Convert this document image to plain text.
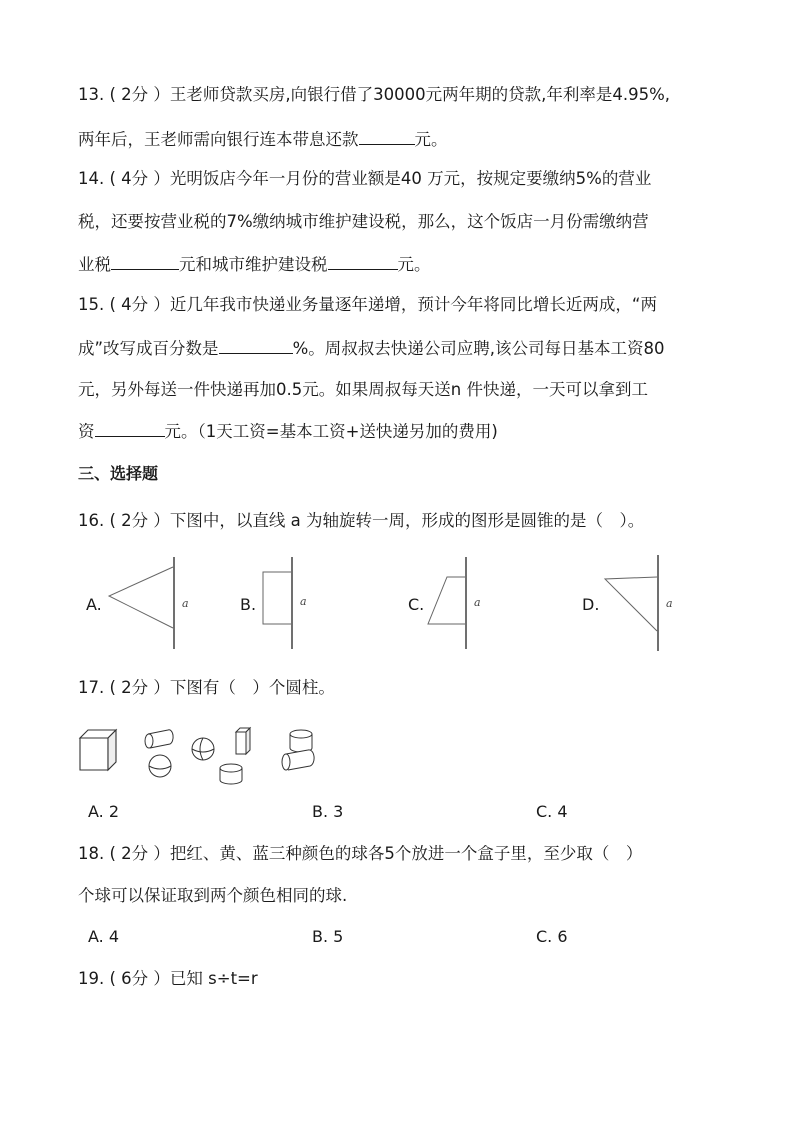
13. ( 2分 ）王老师贷款买房,向银行借了30000元两年期的贷款,年利率是4.95%,
两年后，王老师需向银行连本带息还款	元。
14. ( 4分 ）光明饭店今年一月份的营业额是40 万元，按规定要缴纳5%的营业
税，还要按营业税的7%缴纳城市维护建设税，那么，这个饭店一月份需缴纳营
业税	元和城市维护建设税	元。
15. ( 4分 ）近几年我市快递业务量逐年递增，预计今年将同比增长近两成，“两
成”改写成百分数是	%。周叔叔去快递公司应聘,该公司每日基本工资80
元，另外每送一件快递再加0.5元。如果周叔每天送n 件快递，一天可以拿到工
资	元。（1天工资=基本工资+送快递另加的费用)
三、选择题
16. ( 2分 ）下图中，以直线 a 为轴旋转一周，形成的图形是圆锥的是（　）。
A.	a	B.	a	C.	a	D.	a
17. ( 2分 ）下图有（　）个圆柱。
A. 2	B. 3	C. 4
18. ( 2分 ）把红、黄、蓝三种颜色的球各5个放进一个盒子里，至少取（　）
个球可以保证取到两个颜色相同的球.
A. 4	B. 5	C. 6
19. ( 6分 ）已知 s÷t=r
